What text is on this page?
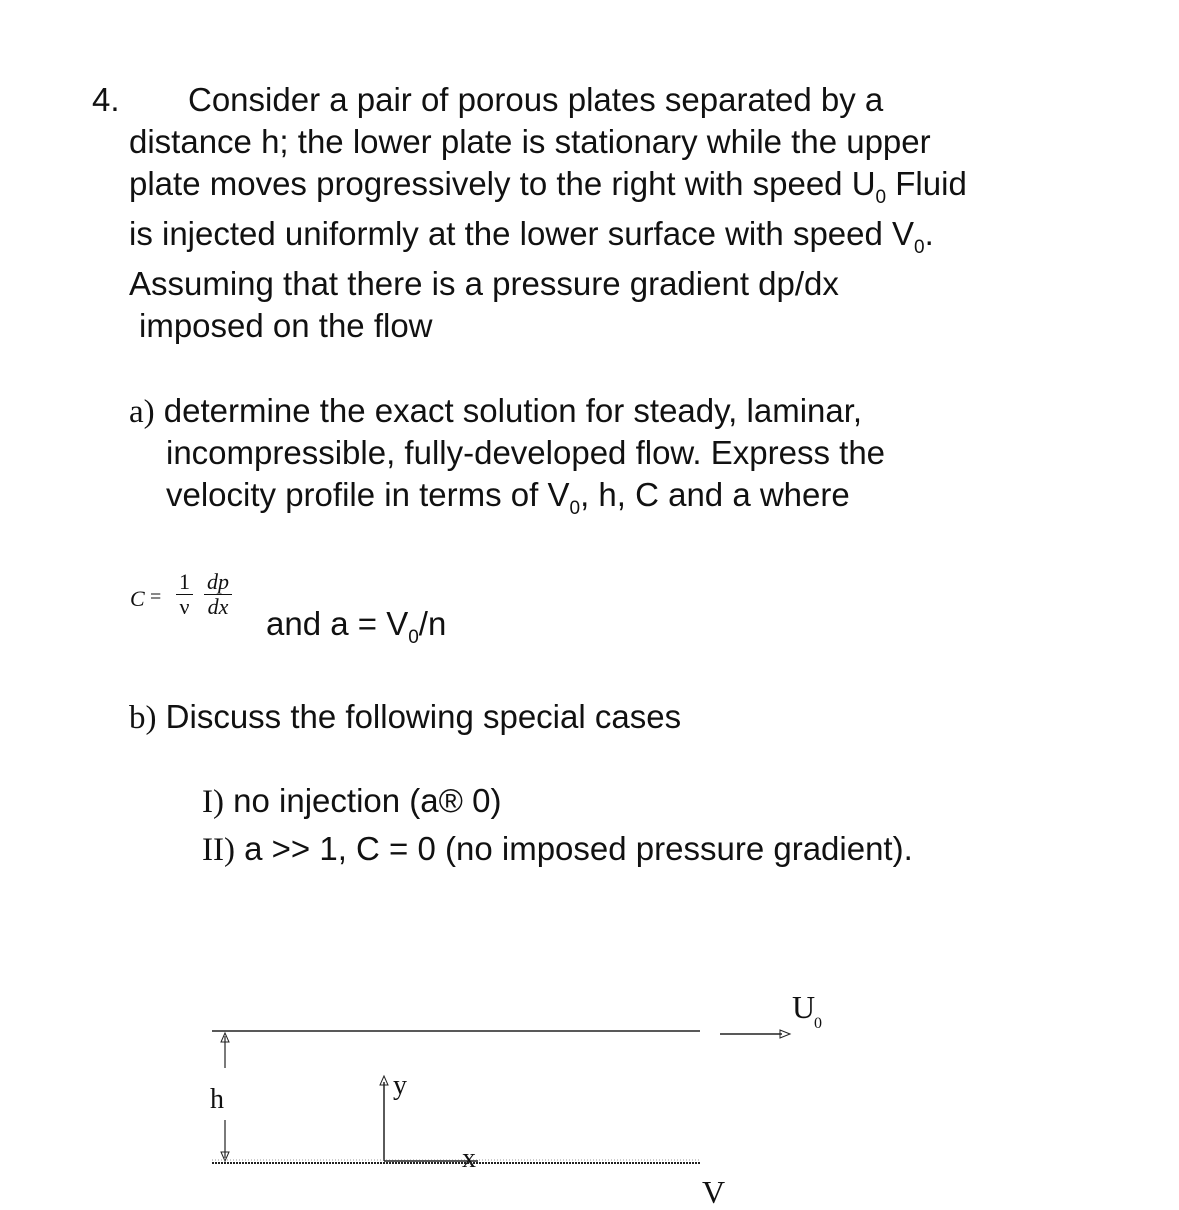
4. Consider a pair of porous plates separated by a
distance h; the lower plate is stationary while the upper
plate moves progressively to the right with speed $U_0$ Fluid
is injected uniformly at the lower surface with speed $V_0$.
Assuming that there is a pressure gradient dp/dx
imposed on the flow
a) determine the exact solution for steady, laminar,
incompressible, fully-developed flow. Express the
velocity profile in terms of $V_0$, h, C and a where
$C = \frac{1}{\nu} \frac{dp}{dx}$
and $a = V_0/n$
b) Discuss the following special cases
I) no injection (a® 0)
II) a >> 1, C = 0 (no imposed pressure gradient).
U
0
h	y
x
V
